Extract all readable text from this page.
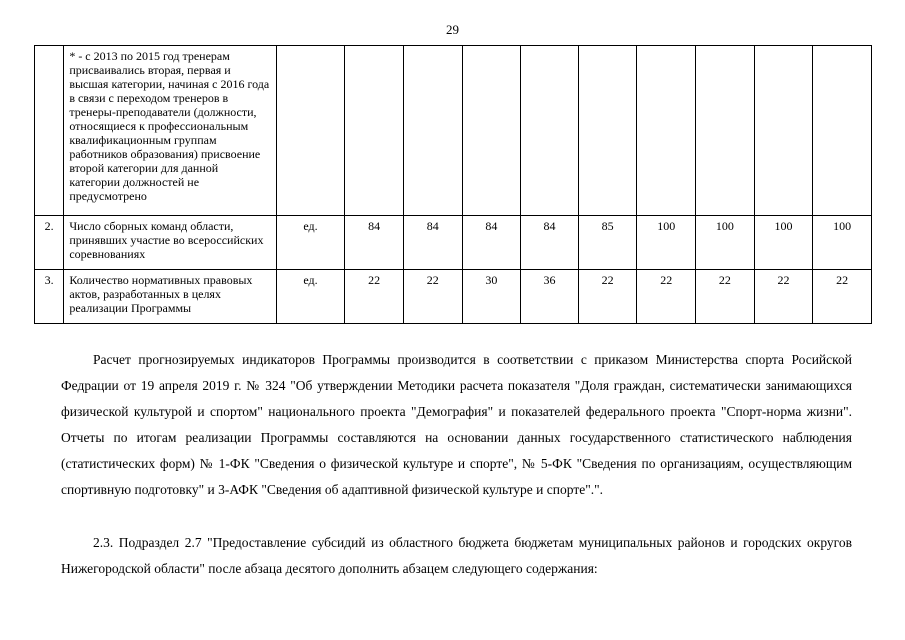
29
	* - с 2013 по 2015 год тренерам присваивались вторая, первая и высшая категории, начиная с 2016 года в связи с переходом тренеров в тренеры-преподаватели (должности, относящиеся к профессиональным квалификационным группам работников образования) присвоение второй категории для данной категории должностей не предусмотрено										
2.	Число сборных команд области, принявших участие во всероссийских соревнованиях	ед.	84	84	84	84	85	100	100	100	100
3.	Количество нормативных правовых актов, разработанных в целях реализации Программы	ед.	22	22	30	36	22	22	22	22	22

Расчет прогнозируемых индикаторов Программы производится в соответствии с приказом Министерства спорта Росийской Федрации от 19 апреля 2019 г. № 324 "Об утверждении Методики расчета показателя "Доля граждан, систематически занимающихся физической культурой и спортом" национального проекта "Демография" и показателей федерального проекта "Спорт-норма жизни". Отчеты по итогам реализации Программы составляются на основании данных государственного статистического наблюдения (статистических форм) № 1-ФК "Сведения о физической культуре и спорте", № 5-ФК "Сведения по организациям, осуществляющим спортивную подготовку" и 3-АФК "Сведения об адаптивной физической культуре и спорте".".

2.3. Подраздел 2.7 "Предоставление субсидий из областного бюджета бюджетам муниципальных районов и городских округов Нижегородской области" после абзаца десятого дополнить абзацем следующего содержания:
